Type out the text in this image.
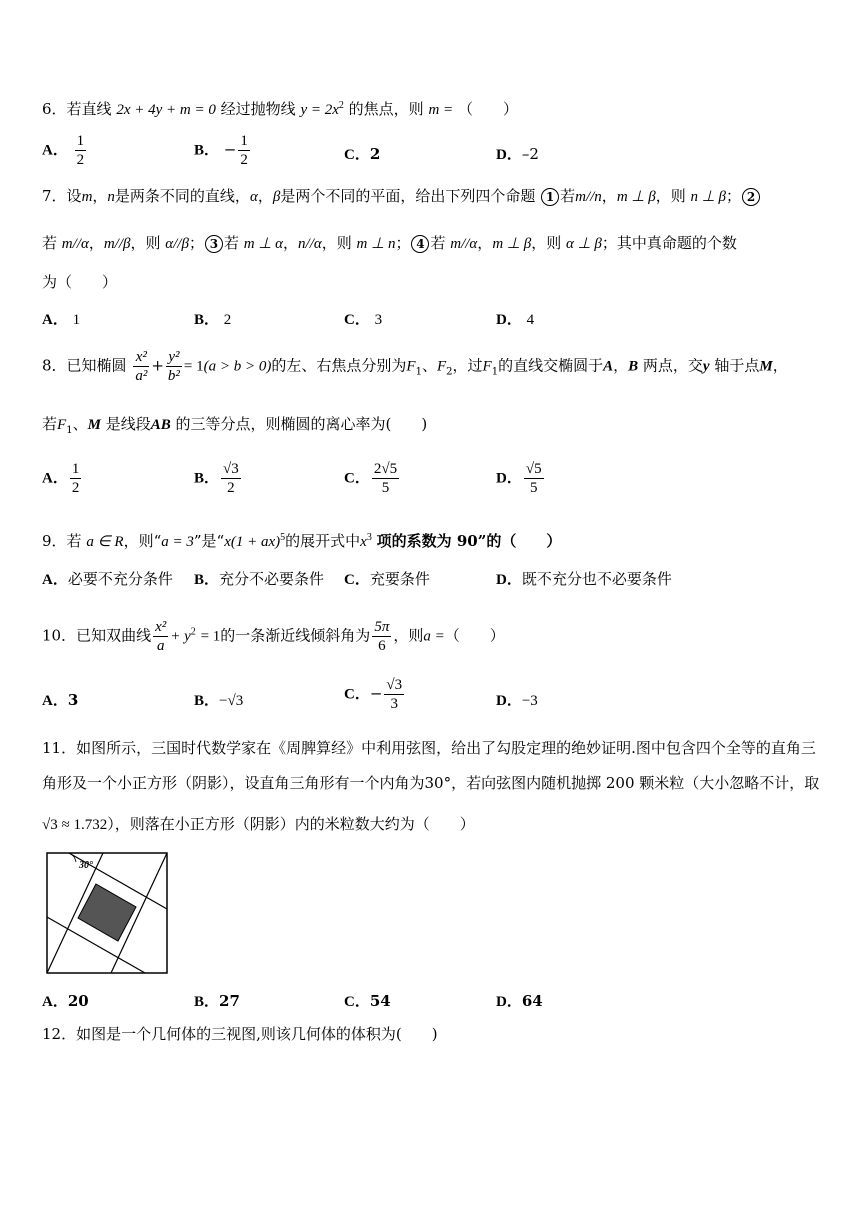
6．若直线 2x + 4y + m = 0 经过抛物线 $y = 2x^2$ 的焦点，则 m = （　　）
A． $\frac{1}{2}$	B． − $\frac{1}{2}$	C．2	D．–2
7．设m，n是两条不同的直线，α，β是两个不同的平面，给出下列四个命题 1 若m//n，m ⊥ β，则 n ⊥ β； 2
若 m//α，m//β，则 α//β； 3 若 m ⊥ α，n//α，则 m ⊥ n； 4 若 m//α，m ⊥ β，则 α ⊥ β；其中真命题的个数
为（　　）
A． 1	B． 2	C． 3	D． 4
8．已知椭圆 $\frac{\text{x²}}{\text{a²}} + \frac{\text{y²}}{\text{b²}} = 1(a > b > 0)$的左、右焦点分别为$F_1$、$F_2$，过$F_1$的直线交椭圆于A，B 两点，交y 轴于点M，
若$F_1$、M 是线段AB 的三等分点，则椭圆的离心率为(　　)
A． $\frac{1}{2}$	B． $\frac{√3}{2}$	C． $\frac{2√5}{5}$	D． $\frac{√5}{5}$
9．若 a ∈ R，则“a = 3”是“x(1 + ax)$^5$的展开式中$x^3$ 项的系数为 90”的（　　）
A．必要不充分条件 B．充分不必要条件 C．充要条件	D．既不充分也不必要条件
10．已知双曲线 $\frac{\text{x²}}{a} + y^2 = 1$的一条渐近线倾斜角为 $\frac{5\pi}{6}$ ，则a =（　　）
A．3	B．−√3	C．− $\frac{√3}{3}$	D．−3
11．如图所示，三国时代数学家在《周脾算经》中利用弦图，给出了勾股定理的绝妙证明.图中包含四个全等的直角三
角形及一个小正方形（阴影），设直角三角形有一个内角为30°，若向弦图内随机抛掷 200 颗米粒（大小忽略不计，取
√3 ≈ 1.732），则落在小正方形（阴影）内的米粒数大约为（　　）
30°
A．20	B．27	C．54	D．64
12．如图是一个几何体的三视图,则该几何体的体积为(　　)
